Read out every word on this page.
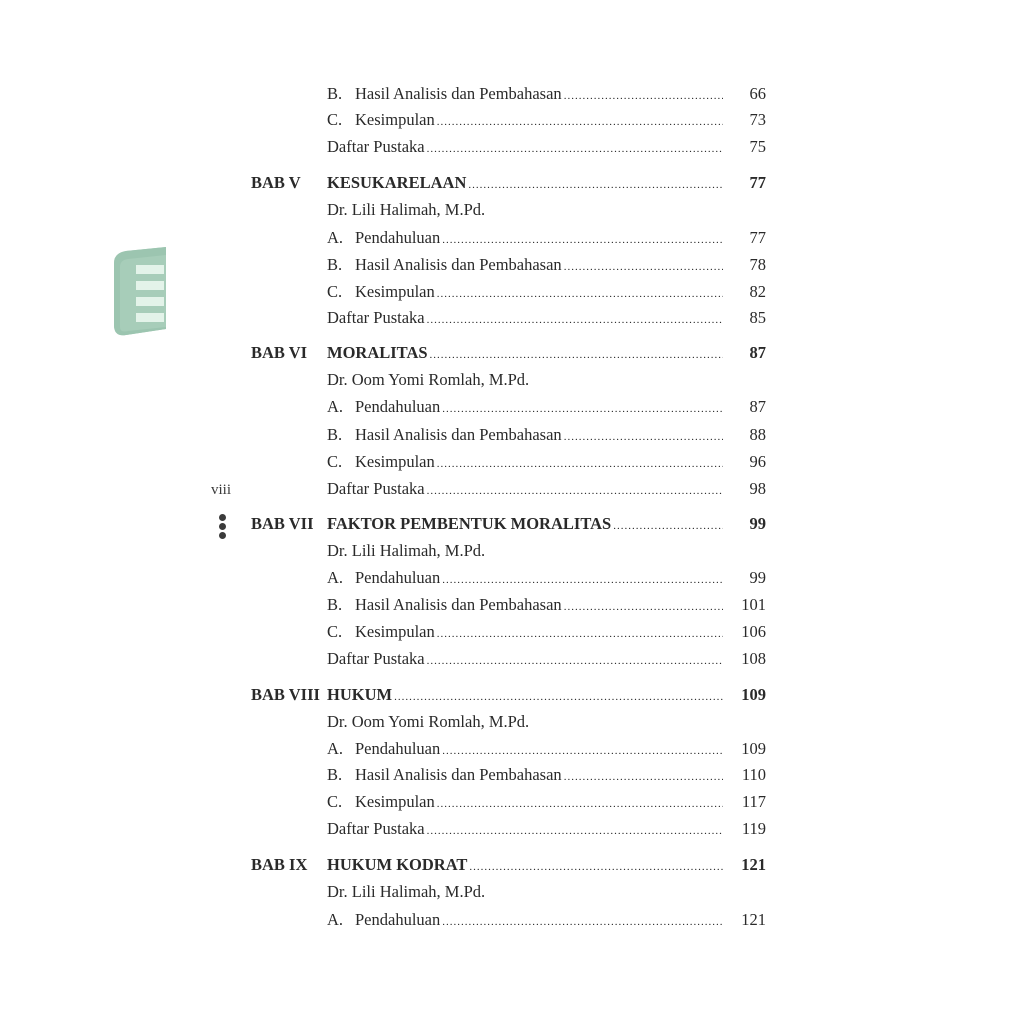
B. Hasil Analisis dan Pembahasan .....	66
C. Kesimpulan .....	73
Daftar Pustaka .....	75
BAB V KESUKARELAAN .....	77
Dr. Lili Halimah, M.Pd.
A. Pendahuluan .....	77
B. Hasil Analisis dan Pembahasan .....	78
C. Kesimpulan .....	82
Daftar Pustaka .....	85
BAB VI MORALITAS .....	87
Dr. Oom Yomi Romlah, M.Pd.
A. Pendahuluan .....	87
B. Hasil Analisis dan Pembahasan .....	88
C. Kesimpulan .....	96
Daftar Pustaka .....	98
viii
BAB VII FAKTOR PEMBENTUK MORALITAS .....	99
Dr. Lili Halimah, M.Pd.
A. Pendahuluan .....	99
B. Hasil Analisis dan Pembahasan .....	101
C. Kesimpulan .....	106
Daftar Pustaka .....	108
BAB VIII HUKUM .....	109
Dr. Oom Yomi Romlah, M.Pd.
A. Pendahuluan .....	109
B. Hasil Analisis dan Pembahasan .....	110
C. Kesimpulan .....	117
Daftar Pustaka .....	119
BAB IX HUKUM KODRAT .....	121
Dr. Lili Halimah, M.Pd.
A. Pendahuluan .....	121
